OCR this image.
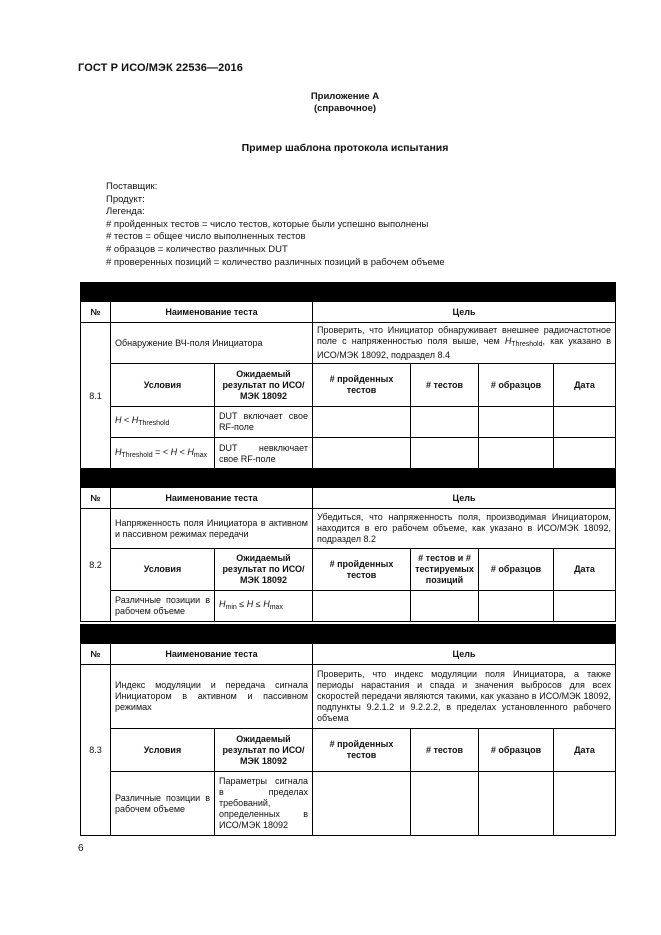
ГОСТ Р ИСО/МЭК 22536—2016
Приложение А
(справочное)
Пример шаблона протокола испытания
Поставщик:
Продукт:
Легенда:
# пройденных тестов = число тестов, которые были успешно выполнены
# тестов = общее число выполненных тестов
# образцов = количество различных DUT
# проверенных позиций = количество различных позиций в рабочем объеме

№	Наименование теста		Цель			
8.1	Обнаружение ВЧ-поля Инициатора		Проверить, что Инициатор обнаруживает внешнее радиочастотное поле с напряженностью поля выше, чем $H_{Threshold}$, как указано в ИСО/МЭК 18092, подраздел 8.4			
	Условия	Ожидаемый результат по ИСО/МЭК 18092	# пройденных тестов	# тестов	# образцов	Дата
	$H < H_{Threshold}$	DUT включает свое RF-поле				
	$H_{Threshold}$ = < $H < H_{max}$	DUT невключает свое RF-поле				

№	Наименование теста		Цель			
8.2	Напряженность поля Инициатора в активном и пассивном режимах передачи		Убедиться, что напряженность поля, производимая Инициатором, находится в его рабочем объеме, как указано в ИСО/МЭК 18092, подраздел 8.2			
	Условия	Ожидаемый результат по ИСО/МЭК 18092	# пройденных тестов	# тестов и # тестируемых позиций	# образцов	Дата
	Различные позиции в рабочем объеме	$H_{min} \le H \le H_{max}$				

№	Наименование теста		Цель			
8.3	Индекс модуляции и передача сигнала Инициатором в активном и пассивном режимах		Проверить, что индекс модуляции поля Инициатора, а также периоды нарастания и спада и значения выбросов для всех скоростей передачи являются такими, как указано в ИСО/МЭК 18092, подпункты 9.2.1.2 и 9.2.2.2, в пределах установленного рабочего объема			
	Условия	Ожидаемый результат по ИСО/МЭК 18092	# пройденных тестов	# тестов	# образцов	Дата
	Различные позиции в рабочем объеме	Параметры сигнала в пределах требований, определенных в ИСО/МЭК 18092				
6
